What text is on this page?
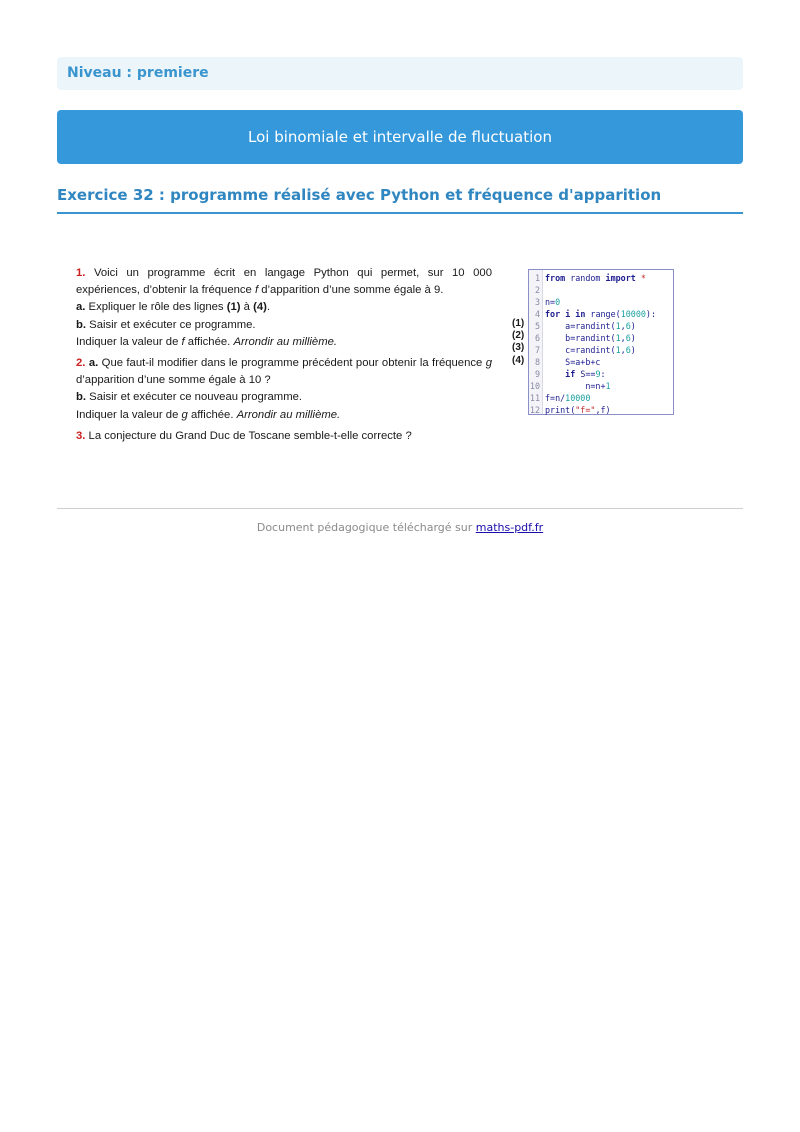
Niveau : premiere
Loi binomiale et intervalle de fluctuation
Exercice 32 : programme réalisé avec Python et fréquence d'apparition

1. Voici un programme écrit en langage Python qui permet, sur 10 000 expériences, d’obtenir la fréquence f d’apparition d’une somme égale à 9.

a. Expliquer le rôle des lignes (1) à (4).

b. Saisir et exécuter ce programme.

Indiquer la valeur de f affichée. Arrondir au millième.

2. a. Que faut-il modifier dans le programme précédent pour obtenir la fréquence g d’apparition d’une somme égale à 10 ?

b. Saisir et exécuter ce nouveau programme.

Indiquer la valeur de g affichée. Arrondir au millième.

3. La conjecture du Grand Duc de Toscane semble-t-elle correcte ?

(1)
(2)
(3)
(4)
1 from random import *
2
3 n=0
4 for i in range(10000):
5	a=randint(1,6)
6	b=randint(1,6)
7	c=randint(1,6)
8	S=a+b+c
9	if S==9:
10	n=n+1
11 f=n/10000
12 print("f=",f)
Document pédagogique téléchargé sur maths-pdf.fr
